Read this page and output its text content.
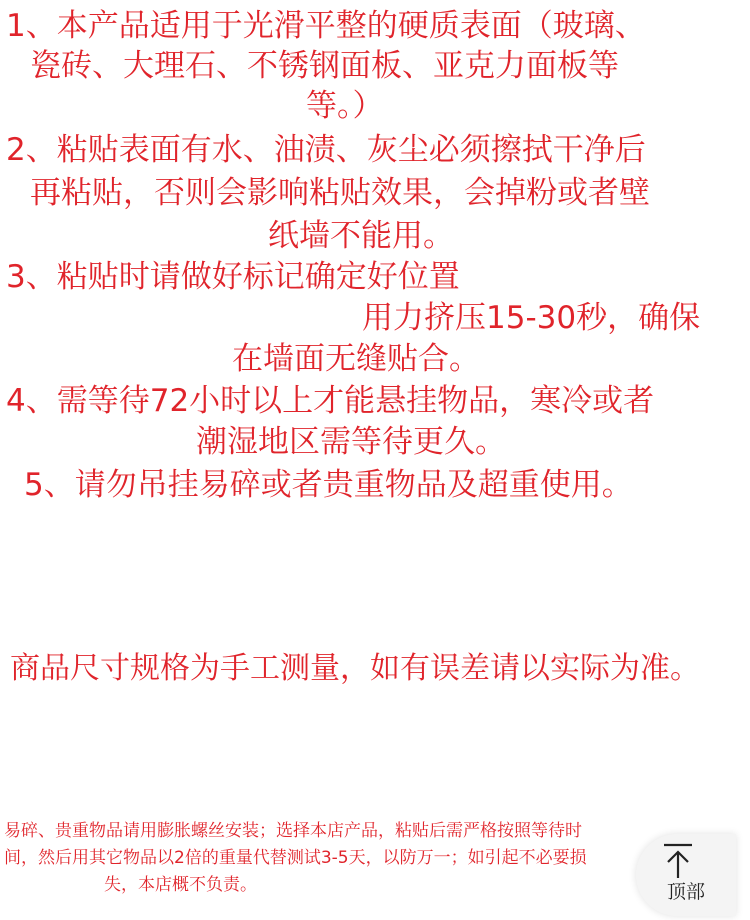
1、本产品适用于光滑平整的硬质表面（玻璃、
瓷砖、大理石、不锈钢面板、亚克力面板等
等。）
2、粘贴表面有水、油渍、灰尘必须擦拭干净后
再粘贴，否则会影响粘贴效果，会掉粉或者壁
纸墙不能用。
3、粘贴时请做好标记确定好位置
用力挤压15-30秒，确保
在墙面无缝贴合。
4、需等待72小时以上才能悬挂物品，寒冷或者
潮湿地区需等待更久。
5、请勿吊挂易碎或者贵重物品及超重使用。
商品尺寸规格为手工测量，如有误差请以实际为准。
易碎、贵重物品请用膨胀螺丝安装；选择本店产品，粘贴后需严格按照等待时
间，然后用其它物品以2倍的重量代替测试3-5天，以防万一；如引起不必要损
失，本店概不负责。	顶部
